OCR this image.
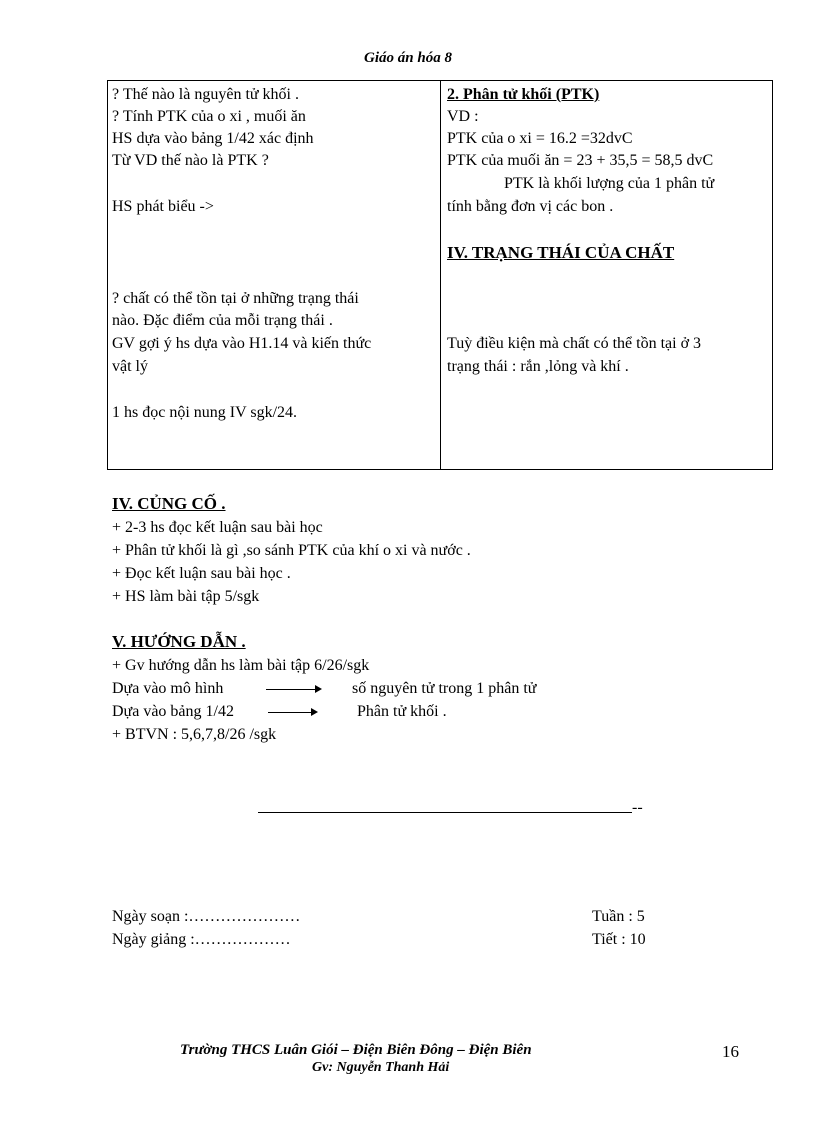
Giáo án hóa 8
? Thế nào là nguyên tử khối .
? Tính PTK của o xi , muối ăn
HS dựa vào bảng 1/42 xác định
Từ VD thế nào là PTK ?
HS phát biểu ->
? chất có thể tồn tại ở những trạng thái
nào. Đặc điểm của mỗi trạng thái .
GV gợi ý hs dựa vào H1.14 và kiến thức
vật lý
1 hs đọc nội nung IV sgk/24.
2. Phân tử khối (PTK)
VD :
PTK của o xi = 16.2 =32dvC
PTK của muối ăn = 23 + 35,5 = 58,5 dvC
PTK là khối lượng của 1 phân tử
tính bằng đơn vị các bon .
IV. TRẠNG THÁI CỦA CHẤT
Tuỳ điều kiện mà chất có thể tồn tại ở 3
trạng thái : rắn ,lỏng và khí .
IV. CỦNG CỐ .
+ 2-3 hs đọc kết luận sau bài học
+ Phân tử khối là gì ,so sánh PTK của khí o xi và nước .
+ Đọc kết luận sau bài học .
+ HS làm bài tập 5/sgk
V. HƯỚNG DẪN .
+ Gv hướng dẫn hs làm bài tập 6/26/sgk
Dựa vào mô hình	số nguyên tử trong 1 phân tử
Dựa vào bảng 1/42	Phân tử khối .
+ BTVN : 5,6,7,8/26 /sgk
--
Ngày soạn :…………………
Ngày giảng :………………
Tuần : 5
Tiết : 10
Trường THCS Luân Giói – Điện Biên Đông – Điện Biên
Gv: Nguyễn Thanh Hải
16
